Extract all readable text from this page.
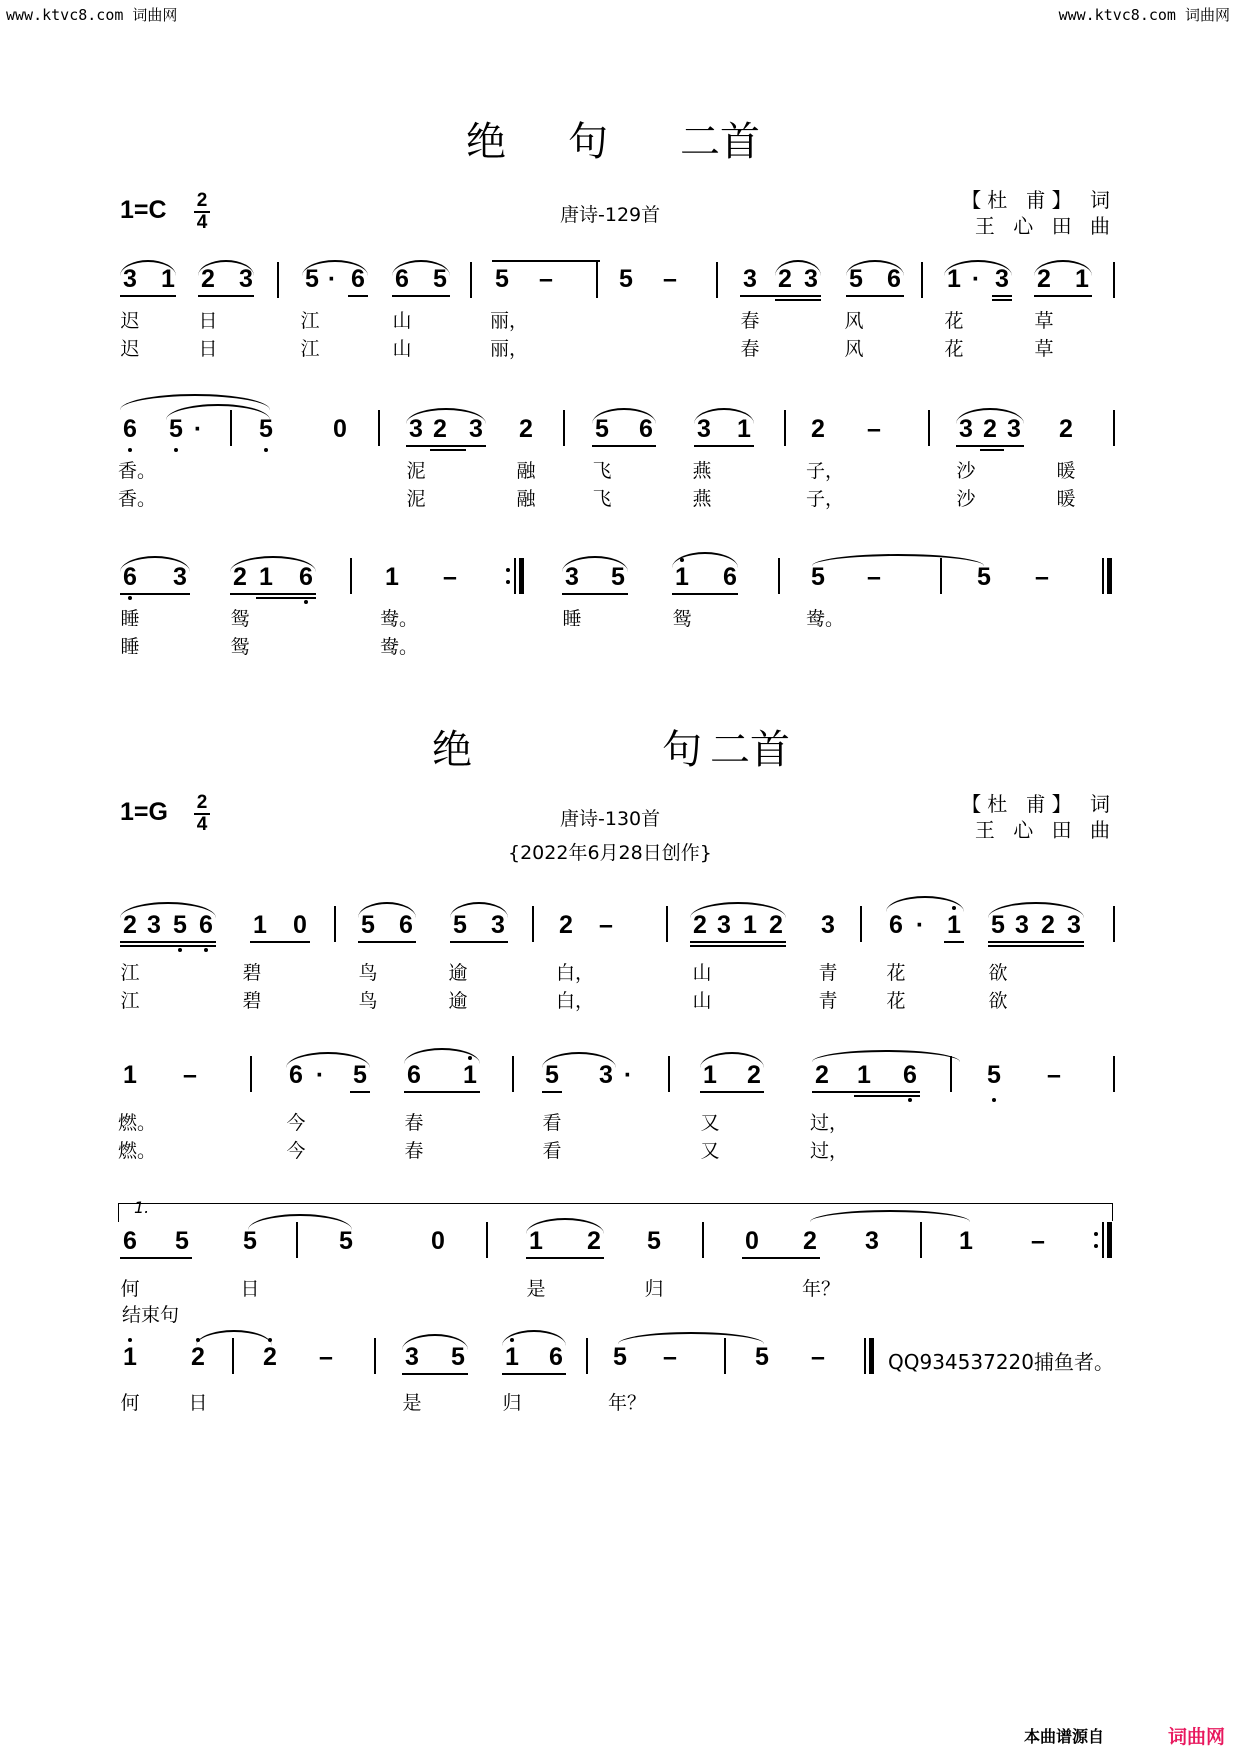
www.ktvc8.com 词曲网	www.ktvc8.com 词曲网
绝 句 二首
1=C 2
4	唐诗-129首
【杜 甫】 词
王 心 田 曲
3 1 2 3 5 · 6 6 5 5 –	5 –	3 2 3 5 6 1 · 3 2 1
迟	日	江	山	丽，	春	风	花	草
迟	日	江	山	丽，	春	风	花	草
6 5 · 5 0 3 2 3 2 5 6 3 1 2 –	3 2 3 2
香。	泥	融	飞	燕	子，	沙	暖
香。	泥	融	飞	燕	子，	沙	暖
6 3 2 1 6	1 –	3 5 1 6	5 –	5 –
睡	鸳	鸯。	睡	鸳	鸯。
睡	鸳	鸯。
绝	句 二首
1=G 2
4	唐诗-130首
{2022年6月28日创作}
【杜 甫】 词
王 心 田 曲
2 3 5 6 1 0 5 6 5 3 2 –	2 3 1 2 3 6 · 1 5 3 2 3
江	碧	鸟	逾	白，	山	青	花	欲
江	碧	鸟	逾	白，	山	青	花	欲
1 –	6 · 5 6 1	5 3 ·	1 2 2 1 6	5 –
燃。	今	春	看	又	过，
燃。	今	春	看	又	过，
1.
6 5 5	5	0	1 2 5	0 2 3	1 –
何	日	是	归	年？
结束句
1 2 2 –	3 5 1 6 5 –	5 –	QQ934537220捕鱼者。
何	日	是	归	年？
本曲谱源自	词曲网
